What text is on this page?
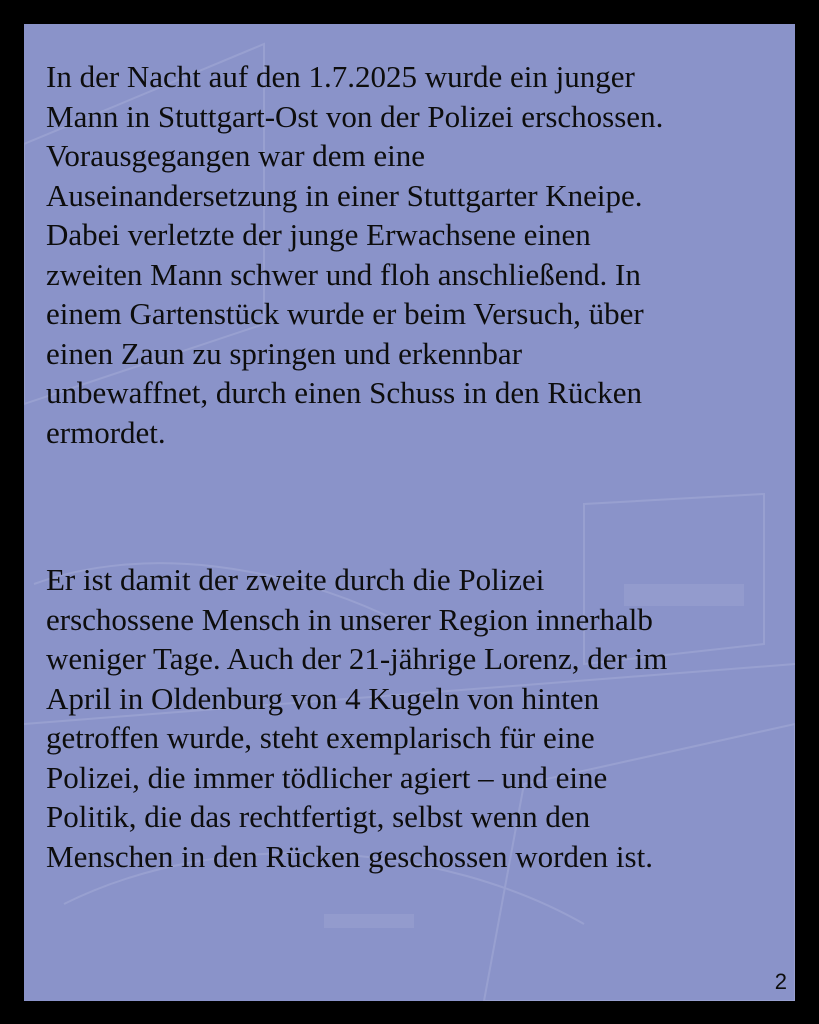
In der Nacht auf den 1.7.2025 wurde ein junger
Mann in Stuttgart-Ost von der Polizei erschossen.
Vorausgegangen war dem eine
Auseinandersetzung in einer Stuttgarter Kneipe.
Dabei verletzte der junge Erwachsene einen
zweiten Mann schwer und floh anschließend. In
einem Gartenstück wurde er beim Versuch, über
einen Zaun zu springen und erkennbar
unbewaffnet, durch einen Schuss in den Rücken
ermordet.
Er ist damit der zweite durch die Polizei
erschossene Mensch in unserer Region innerhalb
weniger Tage. Auch der 21-jährige Lorenz, der im
April in Oldenburg von 4 Kugeln von hinten
getroffen wurde, steht exemplarisch für eine
Polizei, die immer tödlicher agiert – und eine
Politik, die das rechtfertigt, selbst wenn den
Menschen in den Rücken geschossen worden ist.
2
